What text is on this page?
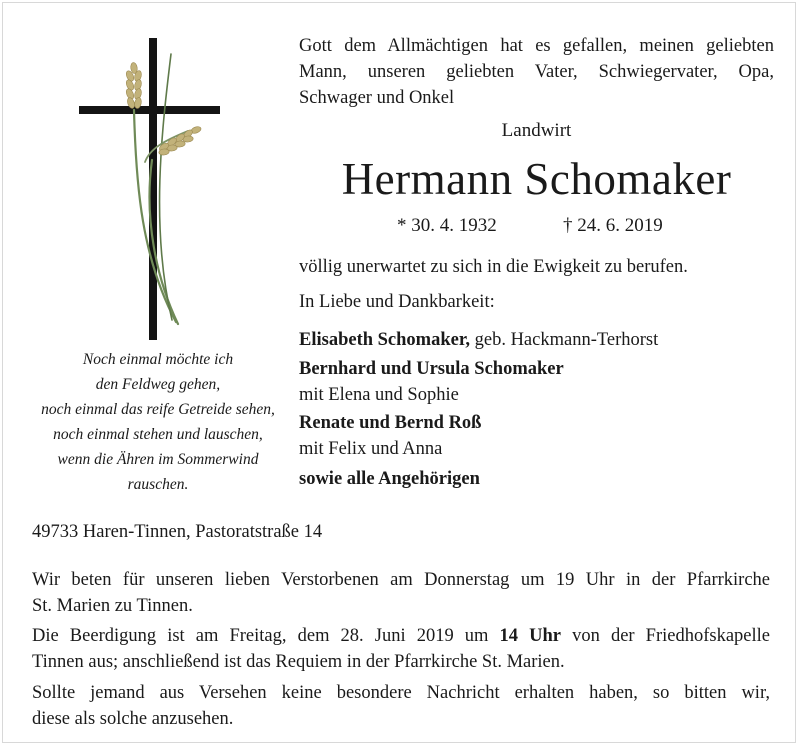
Noch einmal möchte ich
den Feldweg gehen,
noch einmal das reife Getreide sehen,
noch einmal stehen und lauschen,
wenn die Ähren im Sommerwind
rauschen.
Gott dem Allmächtigen hat es gefallen, meinen geliebten
Mann, unseren geliebten Vater, Schwiegervater, Opa,
Schwager und Onkel
Landwirt
Hermann Schomaker
* 30. 4. 1932	† 24. 6. 2019
völlig unerwartet zu sich in die Ewigkeit zu berufen.
In Liebe und Dankbarkeit:
Elisabeth Schomaker, geb. Hackmann-Terhorst
Bernhard und Ursula Schomaker
mit Elena und Sophie
Renate und Bernd Roß
mit Felix und Anna
sowie alle Angehörigen
49733 Haren-Tinnen, Pastoratstraße 14
Wir beten für unseren lieben Verstorbenen am Donnerstag um 19 Uhr in der Pfarrkirche
St. Marien zu Tinnen.
Die Beerdigung ist am Freitag, dem 28. Juni 2019 um 14 Uhr von der Friedhofskapelle
Tinnen aus; anschließend ist das Requiem in der Pfarrkirche St. Marien.
Sollte jemand aus Versehen keine besondere Nachricht erhalten haben, so bitten wir,
diese als solche anzusehen.
